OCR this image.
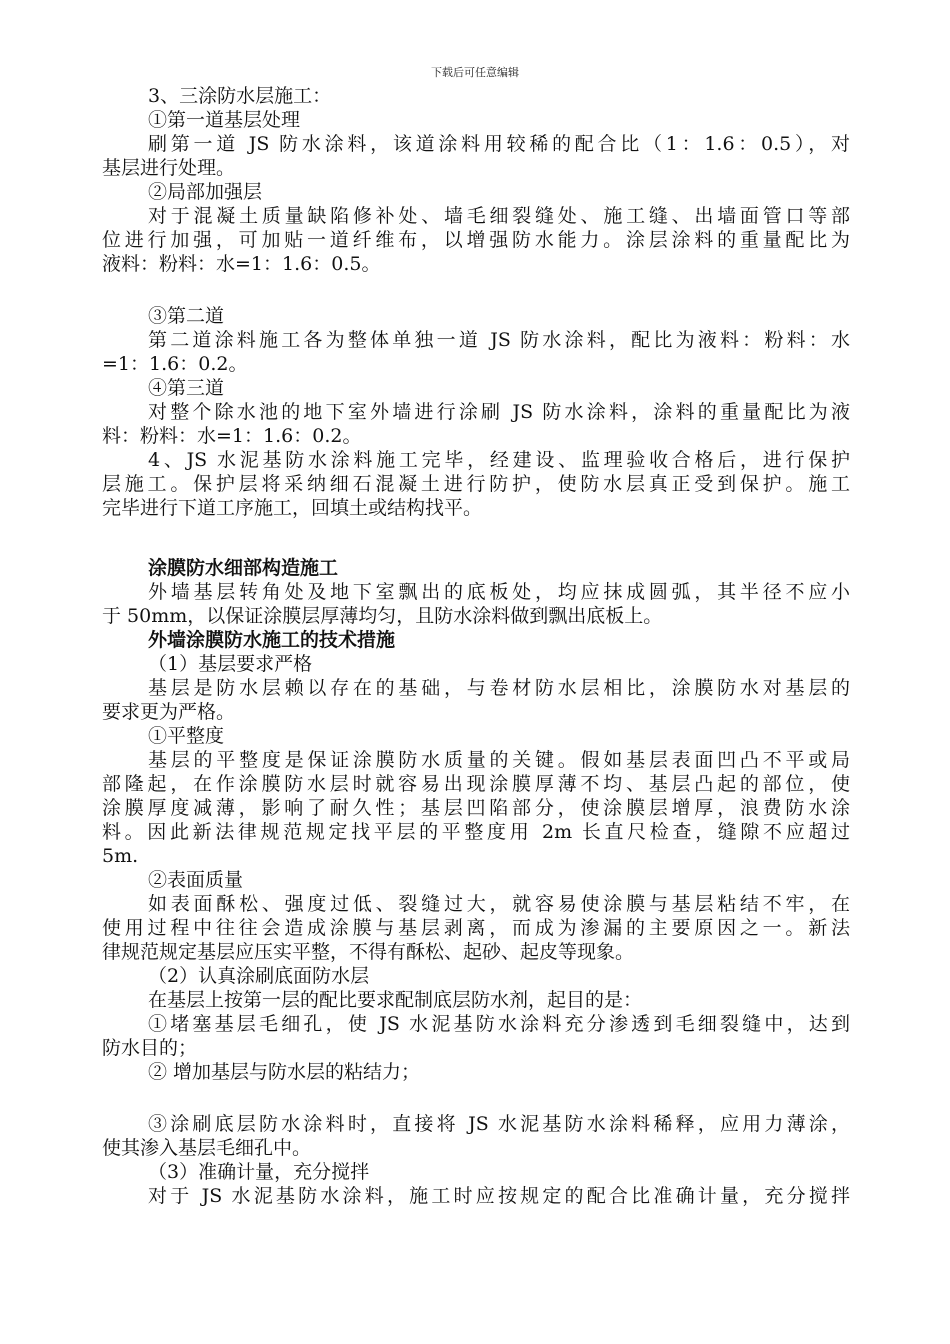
下载后可任意编辑
3、三涂防水层施工：
①第一道基层处理
刷第一道 JS 防水涂料，该道涂料用较稀的配合比（1：1.6：0.5），对
基层进行处理。
②局部加强层
对于混凝土质量缺陷修补处、墙毛细裂缝处、施工缝、出墙面管口等部
位进行加强，可加贴一道纤维布，以增强防水能力。涂层涂料的重量配比为
液料：粉料：水=1：1.6：0.5。
③第二道
第二道涂料施工各为整体单独一道 JS 防水涂料，配比为液料：粉料：水
=1：1.6：0.2。
④第三道
对整个除水池的地下室外墙进行涂刷 JS 防水涂料，涂料的重量配比为液
料：粉料：水=1：1.6：0.2。
4、JS 水泥基防水涂料施工完毕，经建设、监理验收合格后，进行保护
层施工。保护层将采纳细石混凝土进行防护，使防水层真正受到保护。施工
完毕进行下道工序施工，回填土或结构找平。
涂膜防水细部构造施工
外墙基层转角处及地下室飘出的底板处，均应抹成圆弧，其半径不应小
于 50mm，以保证涂膜层厚薄均匀，且防水涂料做到飘出底板上。
外墙涂膜防水施工的技术措施
（1）基层要求严格
基层是防水层赖以存在的基础，与卷材防水层相比，涂膜防水对基层的
要求更为严格。
①平整度
基层的平整度是保证涂膜防水质量的关键。假如基层表面凹凸不平或局
部隆起，在作涂膜防水层时就容易出现涂膜厚薄不均、基层凸起的部位，使
涂膜厚度减薄，影响了耐久性；基层凹陷部分，使涂膜层增厚，浪费防水涂
料。因此新法律规范规定找平层的平整度用 2m 长直尺检查，缝隙不应超过
5m.
②表面质量
如表面酥松、强度过低、裂缝过大，就容易使涂膜与基层粘结不牢，在
使用过程中往往会造成涂膜与基层剥离，而成为渗漏的主要原因之一。新法
律规范规定基层应压实平整，不得有酥松、起砂、起皮等现象。
（2）认真涂刷底面防水层
在基层上按第一层的配比要求配制底层防水剂，起目的是：
①堵塞基层毛细孔，使 JS 水泥基防水涂料充分渗透到毛细裂缝中，达到
防水目的；
② 增加基层与防水层的粘结力；
③涂刷底层防水涂料时，直接将 JS 水泥基防水涂料稀释，应用力薄涂，
使其渗入基层毛细孔中。
（3）准确计量，充分搅拌
对于 JS 水泥基防水涂料，施工时应按规定的配合比准确计量，充分搅拌
